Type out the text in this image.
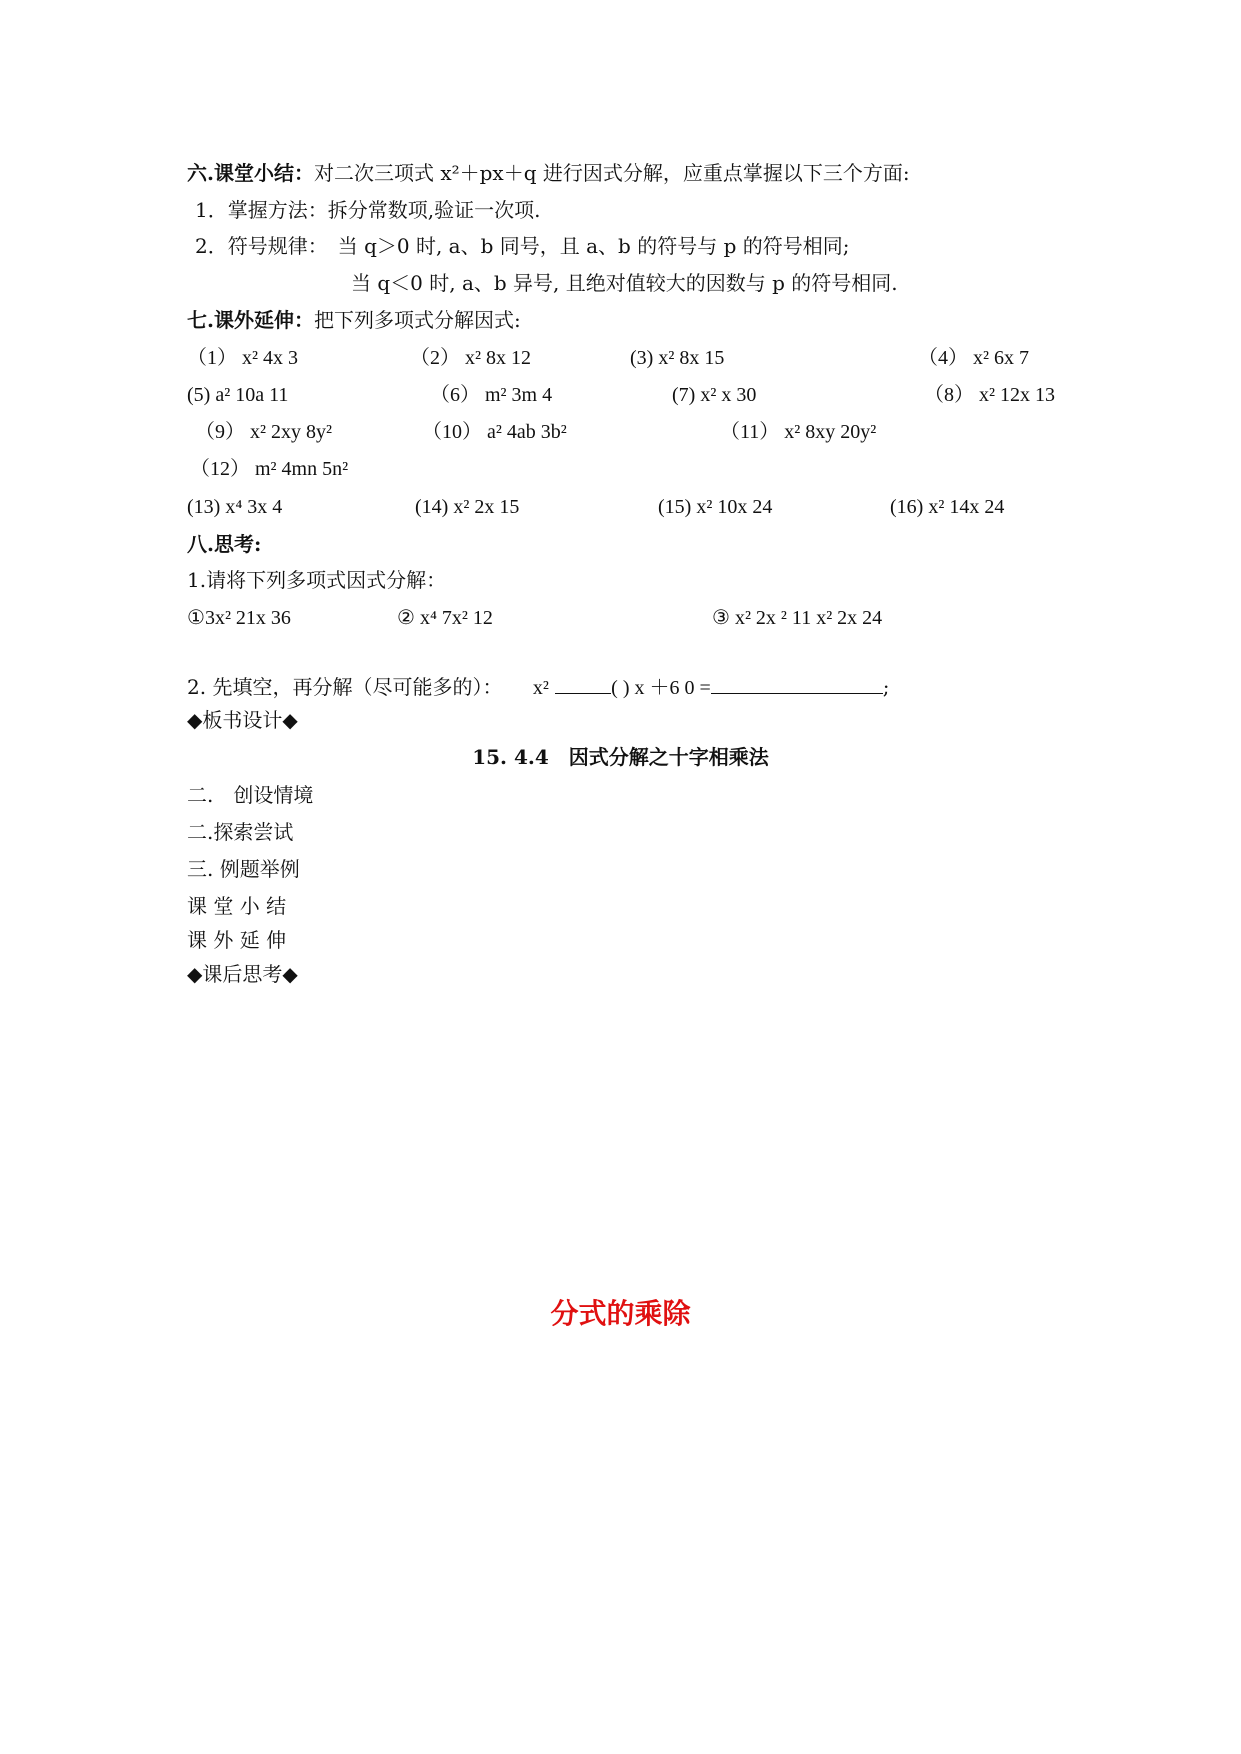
六.课堂小结：对二次三项式 x²＋px＋q 进行因式分解，应重点掌握以下三个方面:
1．掌握方法：拆分常数项,验证一次项.
2．符号规律：　当 q＞0 时, a、b 同号，且 a、b 的符号与 p 的符号相同;
当 q＜0 时, a、b 异号, 且绝对值较大的因数与 p 的符号相同.
七.课外延伸：把下列多项式分解因式:
（1） x² 4x 3	（2） x² 8x 12	(3) x² 8x 15	（4） x² 6x 7
(5) a² 10a 11	（6） m² 3m 4	(7) x² x 30	（8） x² 12x 13
（9） x² 2xy 8y²	（10） a² 4ab 3b²	（11） x² 8xy 20y²
（12） m² 4mn 5n²
(13) x⁴ 3x 4	(14) x² 2x 15	(15) x² 10x 24	(16) x² 14x 24
八.思考:
1.请将下列多项式因式分解：
①3x² 21x 36	② x⁴ 7x² 12	③ x² 2x ² 11 x² 2x 24
2. 先填空，再分解（尽可能多的）： x²	( ) x ＋6 0 =	;
◆板书设计◆
15. 4.4　因式分解之十字相乘法
二.　创设情境
二.探索尝试
三. 例题举例
课 堂 小 结
课 外 延 伸
◆课后思考◆
分式的乘除
